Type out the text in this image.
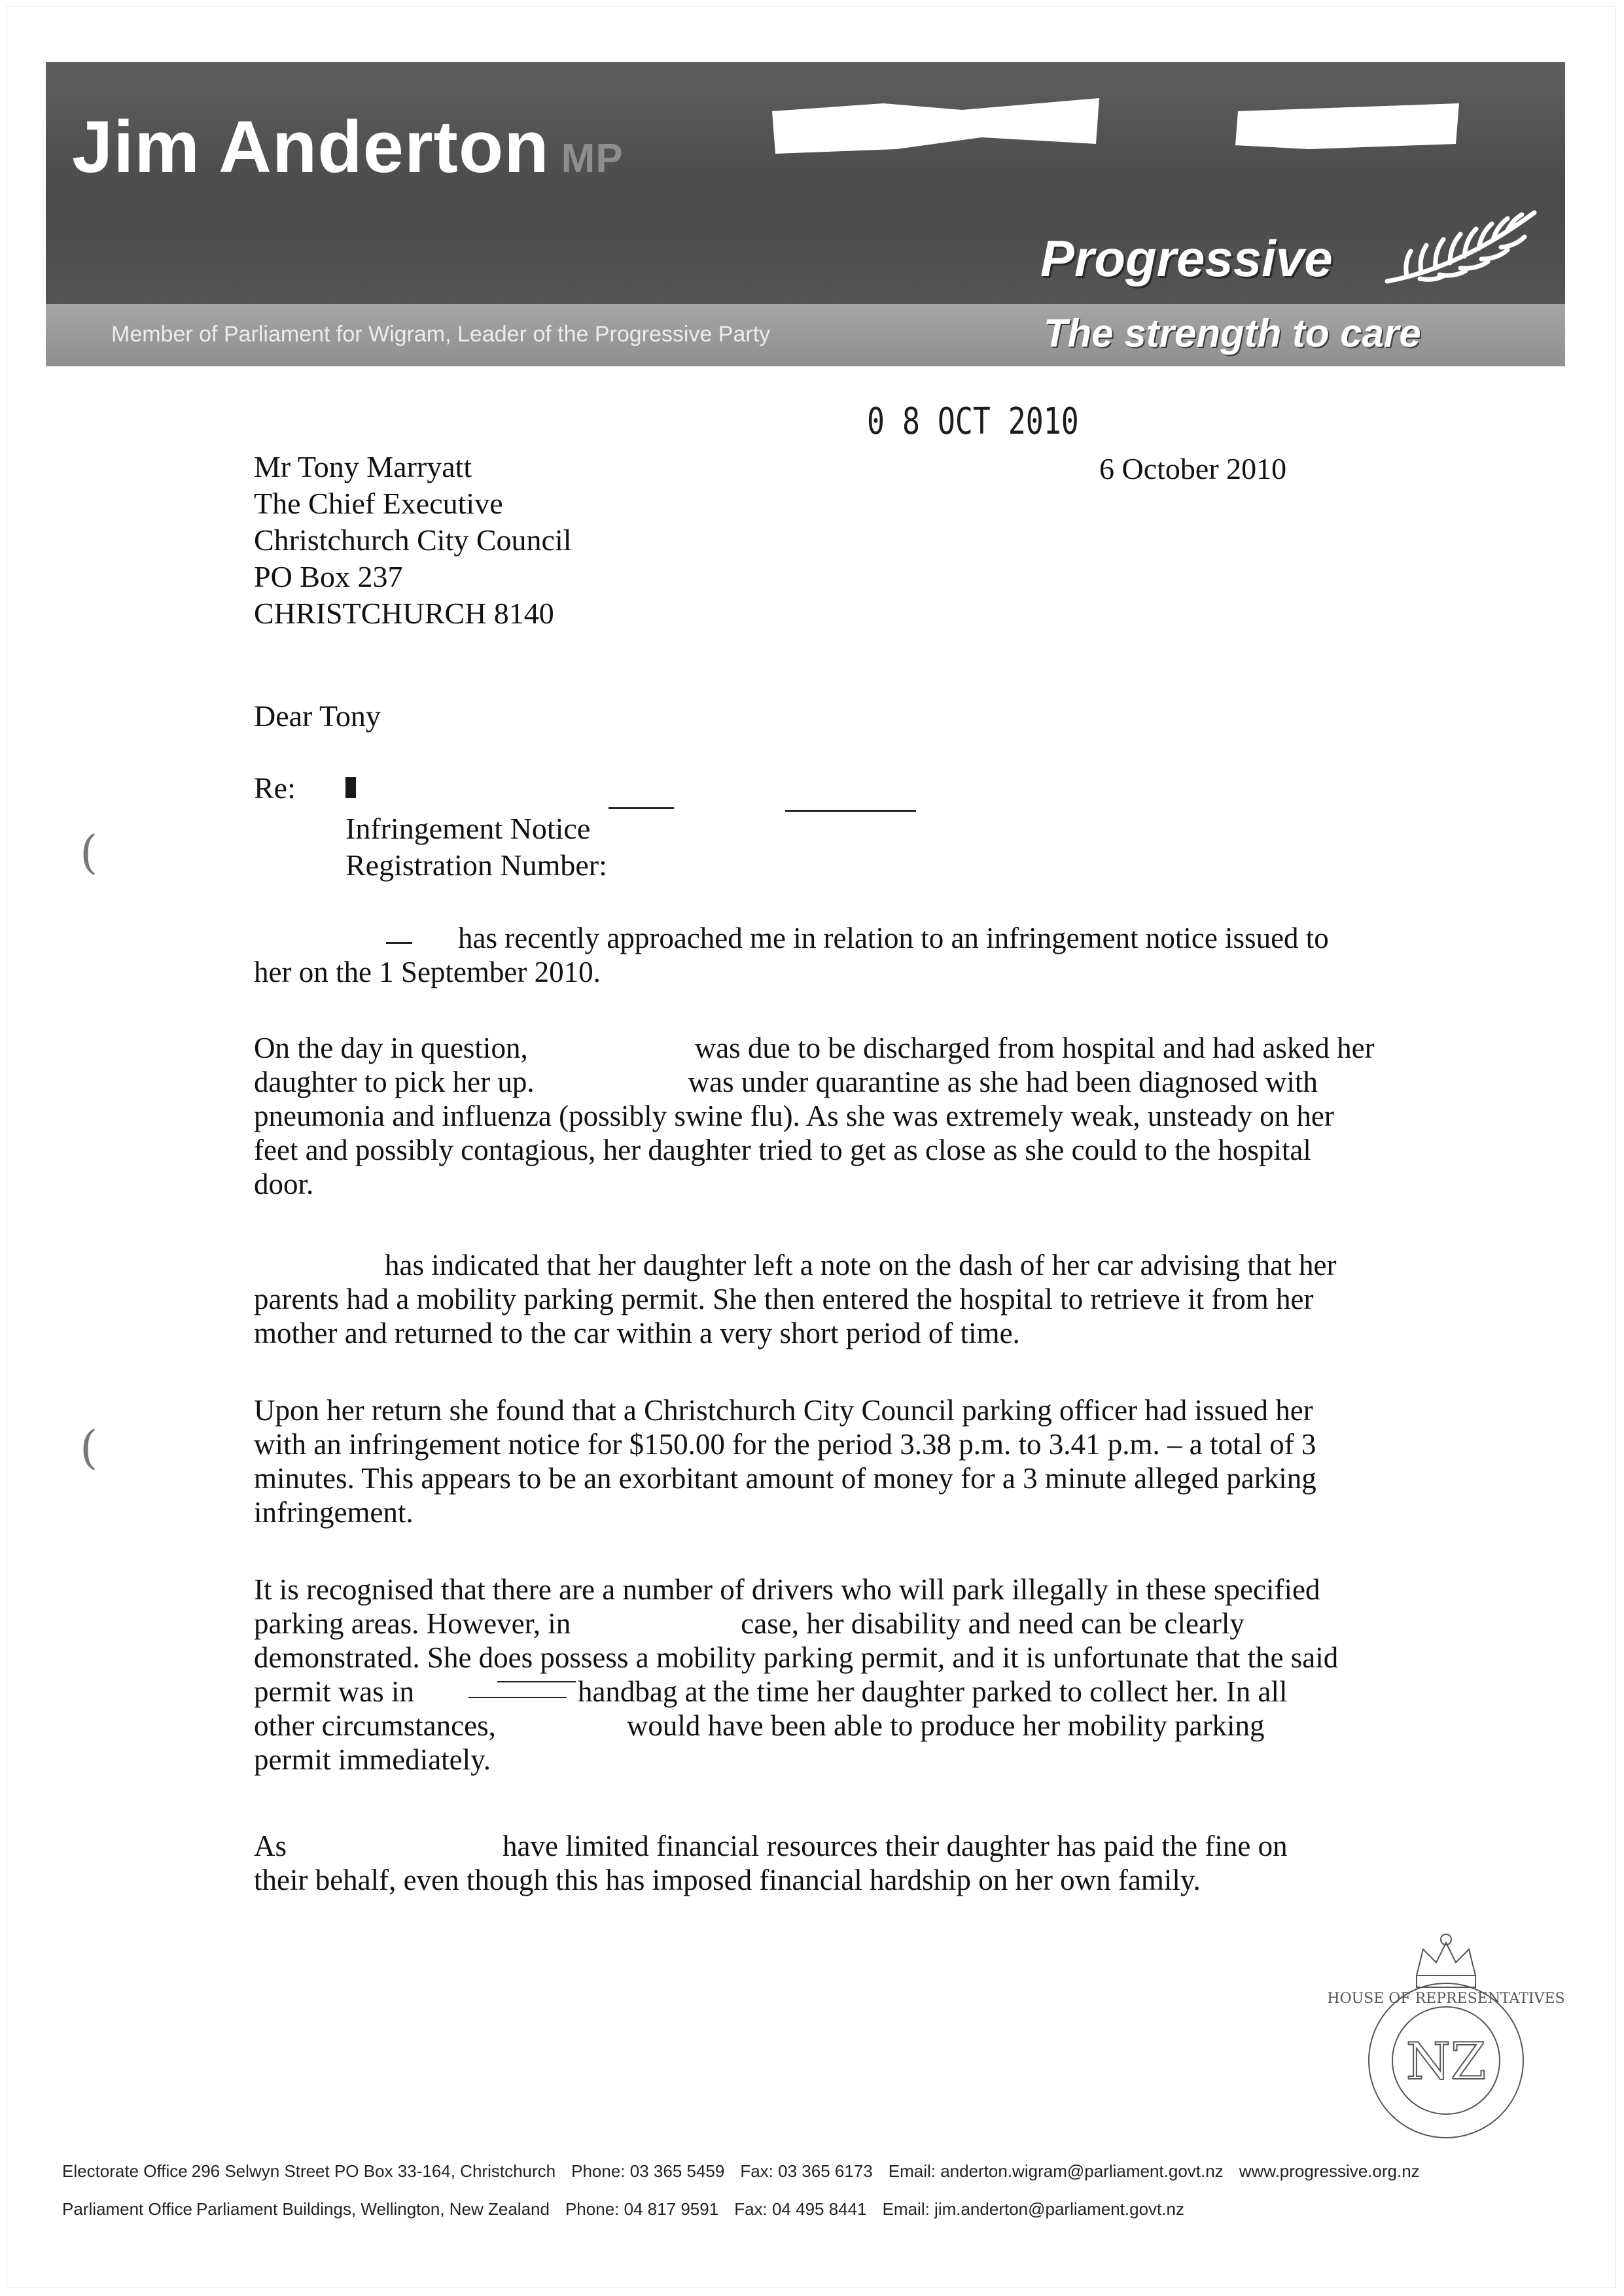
Jim Anderton MP
Member of Parliament for Wigram, Leader of the Progressive Party
Progressive
The strength to care
0 8 OCT 2010
6 October 2010
Mr Tony Marryatt
The Chief Executive
Christchurch City Council
PO Box 237
CHRISTCHURCH 8140
Dear Tony
Re:
Infringement Notice
Registration Number:
has recently approached me in relation to an infringement notice issued to
her on the 1 September 2010.
On the day in question,	was due to be discharged from hospital and had asked her
daughter to pick her up.	was under quarantine as she had been diagnosed with
pneumonia and influenza (possibly swine flu). As she was extremely weak, unsteady on her
feet and possibly contagious, her daughter tried to get as close as she could to the hospital
door.
has indicated that her daughter left a note on the dash of her car advising that her
parents had a mobility parking permit. She then entered the hospital to retrieve it from her
mother and returned to the car within a very short period of time.
Upon her return she found that a Christchurch City Council parking officer had issued her
with an infringement notice for $150.00 for the period 3.38 p.m. to 3.41 p.m. – a total of 3
minutes. This appears to be an exorbitant amount of money for a 3 minute alleged parking
infringement.
It is recognised that there are a number of drivers who will park illegally in these specified
parking areas. However, in	case, her disability and need can be clearly
demonstrated. She does possess a mobility parking permit, and it is unfortunate that the said
permit was in	handbag at the time her daughter parked to collect her. In all
other circumstances,	would have been able to produce her mobility parking
permit immediately.
As	have limited financial resources their daughter has paid the fine on
their behalf, even though this has imposed financial hardship on her own family.
(
(
NZ
HOUSE OF REPRESENTATIVES
Electorate Office 296 Selwyn Street PO Box 33-164, Christchurch Phone: 03 365 5459 Fax: 03 365 6173 Email: anderton.wigram@parliament.govt.nz www.progressive.org.nz
Parliament Office Parliament Buildings, Wellington, New Zealand Phone: 04 817 9591 Fax: 04 495 8441 Email: jim.anderton@parliament.govt.nz
